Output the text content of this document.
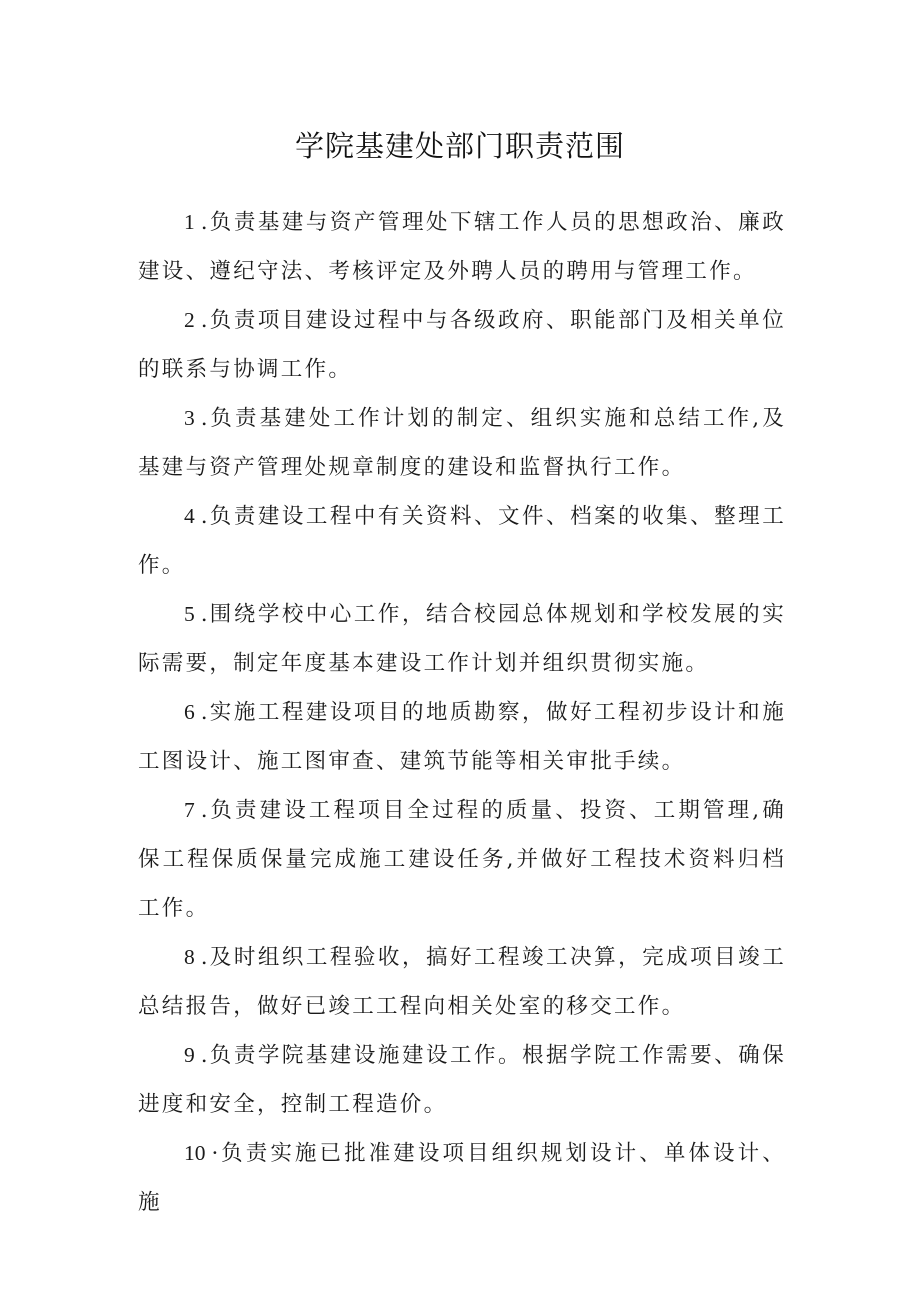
学院基建处部门职责范围

1 .负责基建与资产管理处下辖工作人员的思想政治、廉政建设、遵纪守法、考核评定及外聘人员的聘用与管理工作。

2 .负责项目建设过程中与各级政府、职能部门及相关单位的联系与协调工作。

3 .负责基建处工作计划的制定、组织实施和总结工作,及基建与资产管理处规章制度的建设和监督执行工作。

4 .负责建设工程中有关资料、文件、档案的收集、整理工作。

5 .围绕学校中心工作，结合校园总体规划和学校发展的实际需要，制定年度基本建设工作计划并组织贯彻实施。

6 .实施工程建设项目的地质勘察，做好工程初步设计和施工图设计、施工图审查、建筑节能等相关审批手续。

7 .负责建设工程项目全过程的质量、投资、工期管理,确保工程保质保量完成施工建设任务,并做好工程技术资料归档工作。

8 .及时组织工程验收，搞好工程竣工决算，完成项目竣工总结报告，做好已竣工工程向相关处室的移交工作。

9 .负责学院基建设施建设工作。根据学院工作需要、确保进度和安全，控制工程造价。

10 ·负责实施已批准建设项目组织规划设计、单体设计、施
